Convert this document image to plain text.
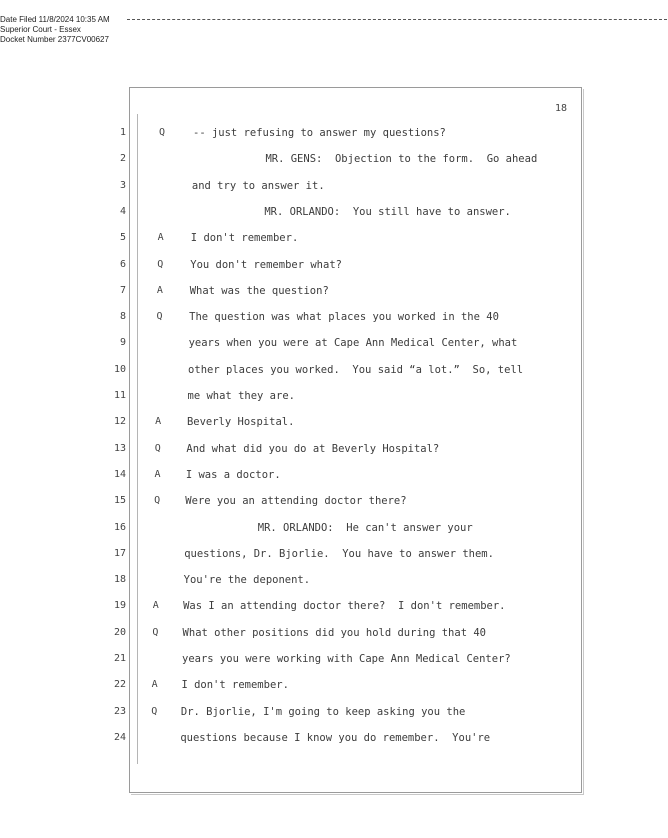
Date Filed 11/8/2024 10:35 AM
Superior Court - Essex
Docket Number 2377CV00627
18
1	Q	-- just refusing to answer my questions?
2	MR. GENS:  Objection to the form.  Go ahead
3	and try to answer it.
4	MR. ORLANDO:  You still have to answer.
5	A	I don't remember.
6	Q	You don't remember what?
7	A	What was the question?
8	Q	The question was what places you worked in the 40
9	years when you were at Cape Ann Medical Center, what
10	other places you worked.  You said “a lot.”  So, tell
11	me what they are.
12	A Beverly Hospital.
13	Q And what did you do at Beverly Hospital?
14	A I was a doctor.
15	Q Were you an attending doctor there?
16	MR. ORLANDO:  He can't answer your
17	questions, Dr. Bjorlie.  You have to answer them.
18	You're the deponent.
19	A Was I an attending doctor there?  I don't remember.
20	Q What other positions did you hold during that 40
21	years you were working with Cape Ann Medical Center?
22	A I don't remember.
23	Q Dr. Bjorlie, I'm going to keep asking you the
24	questions because I know you do remember.  You're
